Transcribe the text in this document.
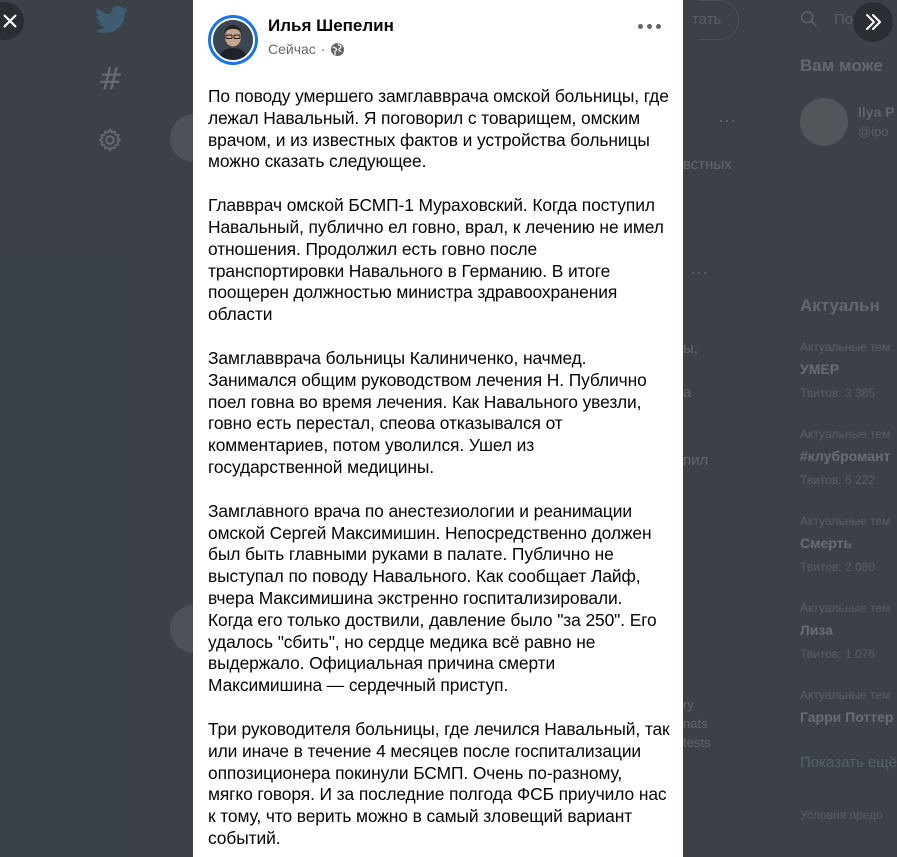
Илья Шепелин
Сейчас ·

По поводу умершего замглавврача омской больницы, где лежал Навальный. Я поговорил с товарищем, омским врачом, и из известных фактов и устройства больницы можно сказать следующее.

Главврач омской БСМП-1 Мураховский. Когда поступил Навальный, публично ел говно, врал, к лечению не имел отношения. Продолжил есть говно после транспортировки Навального в Германию. В итоге поощерен должностью министра здравоохранения области

Замглавврача больницы Калиниченко, начмед. Занимался общим руководством лечения Н. Публично поел говна во время лечения. Как Навального увезли, говно есть перестал, спеова отказывался от комментариев, потом уволился. Ушел из государственной медицины.

Замглавного врача по анестезиологии и реанимации омской Сергей Максимишин. Непосредственно должен был быть главными руками в палате. Публично не выступал по поводу Навального. Как сообщает Лайф, вчера Максимишина экстренно госпитализировали. Когда его только доствили, давление было "за 250". Его удалось "сбить", но сердце медика всё равно не выдержало. Официальная причина смерти Максимишина — сердечный приступ.

Три руководителя больницы, где лечился Навальный, так или иначе в течение 4 месяцев после госпитализации оппозиционера покинули БСМП. Очень по-разному, мягко говоря. И за последние полгода ФСБ приучило нас к тому, что верить можно в самый зловещий вариант событий.
